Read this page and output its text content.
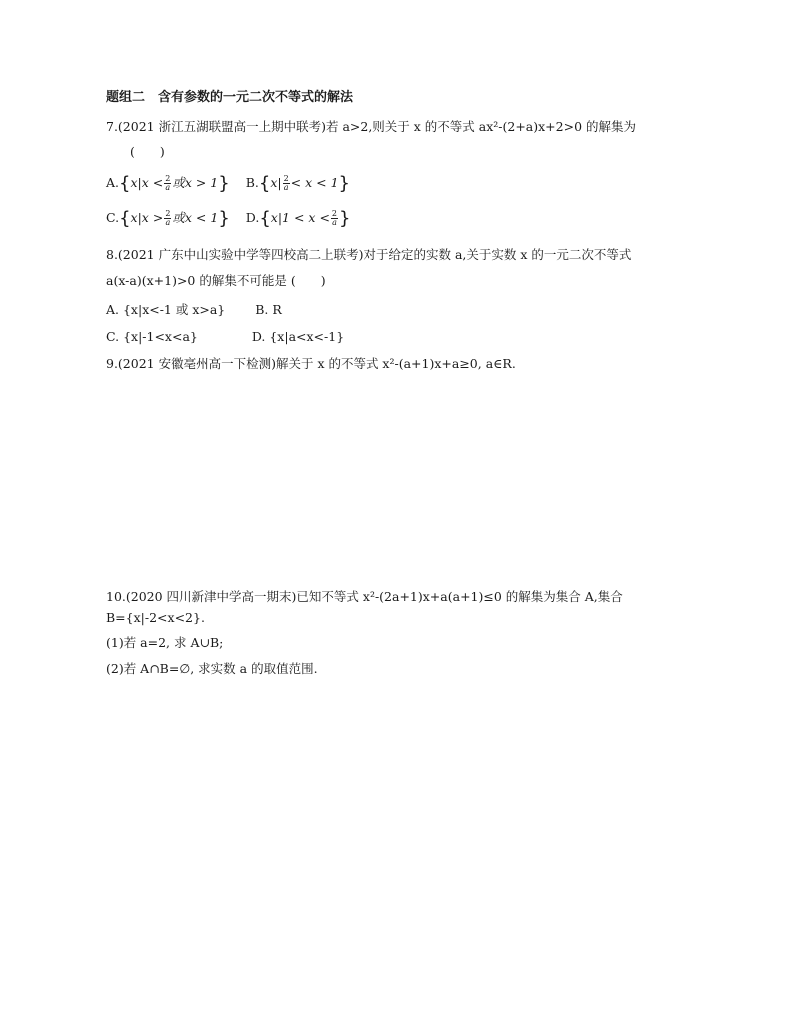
题组二　含有参数的一元二次不等式的解法
7.(2021 浙江五湖联盟高一上期中联考)若 a>2,则关于 x 的不等式 ax²-(2+a)x+2>0 的解集为
(　　)
$A.\{x|x < \frac{2}{a}$ 或x > 1} $B.\{x| \frac{2}{a} < x < 1\}$
$C.\{x|x > \frac{2}{a}$ 或x < 1} $D.\{x|1 < x < \frac{2}{a}$ }
8.(2021 广东中山实验中学等四校高二上联考)对于给定的实数 a,关于实数 x 的一元二次不等式
a(x-a)(x+1)>0 的解集不可能是 (　　)
A. {x|x<-1 或 x>a} B. R
C. {x|-1<x<a}	D. {x|a<x<-1}
9.(2021 安徽亳州高一下检测)解关于 x 的不等式 x²-(a+1)x+a≥0, a∈R.
10.(2020 四川新津中学高一期末)已知不等式 x²-(2a+1)x+a(a+1)≤0 的解集为集合 A,集合
B={x|-2<x<2}.
(1)若 a=2, 求 A∪B;
(2)若 A∩B=∅, 求实数 a 的取值范围.
